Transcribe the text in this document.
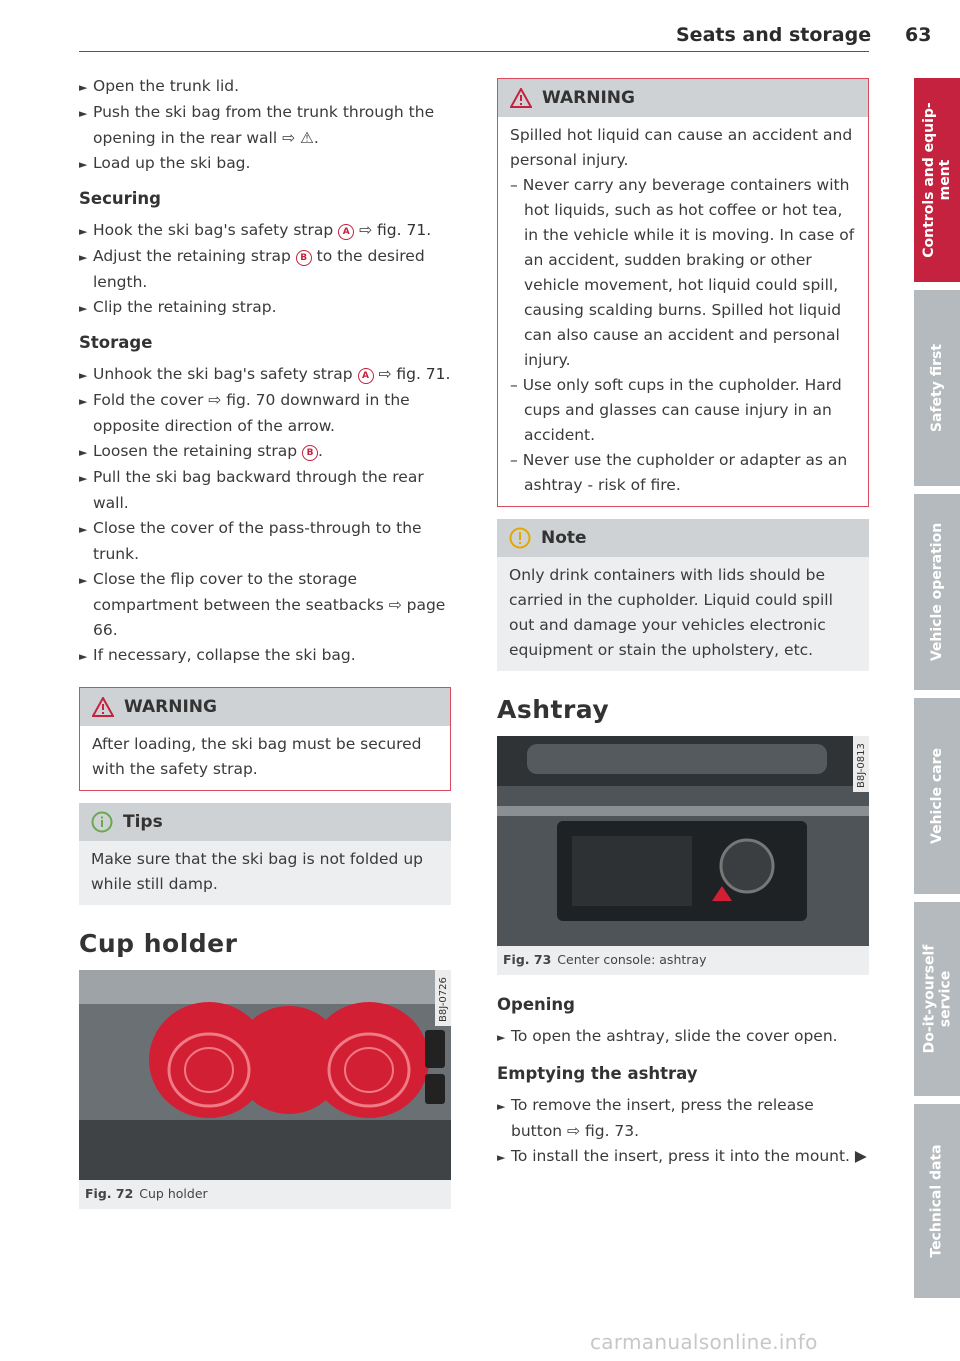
Seats and storage 63

► Open the trunk lid.

► Push the ski bag from the trunk through the opening in the rear wall ⇨ ⚠.

► Load up the ski bag.

Securing

► Hook the ski bag's safety strap A ⇨ fig. 71.

► Adjust the retaining strap B to the desired length.

► Clip the retaining strap.

Storage

► Unhook the ski bag's safety strap A ⇨ fig. 71.

► Fold the cover ⇨ fig. 70 downward in the opposite direction of the arrow.

► Loosen the retaining strap B .

► Pull the ski bag backward through the rear wall.

► Close the cover of the pass-through to the trunk.

► Close the flip cover to the storage compartment between the seatbacks ⇨ page 66.

► If necessary, collapse the ski bag.

WARNING
After loading, the ski bag must be secured with the safety strap.
Tips
Make sure that the ski bag is not folded up while still damp.
Cup holder
B8J-0726
Fig. 72 Cup holder
WARNING
Spilled hot liquid can cause an accident and personal injury.
– Never carry any beverage containers with hot liquids, such as hot coffee or hot tea, in the vehicle while it is moving. In case of an accident, sudden braking or other vehicle movement, hot liquid could spill, causing scalding burns. Spilled hot liquid can also cause an accident and personal injury.
– Use only soft cups in the cupholder. Hard cups and glasses can cause injury in an accident.
– Never use the cupholder or adapter as an ashtray - risk of fire.
Note
Only drink containers with lids should be carried in the cupholder. Liquid could spill out and damage your vehicles electronic equipment or stain the upholstery, etc.
Ashtray
B8J-0813
Fig. 73 Center console: ashtray
Opening

► To open the ashtray, slide the cover open.

Emptying the ashtray

► To remove the insert, press the release button ⇨ fig. 73.

► To install the insert, press it into the mount. ▶

Controls and equip-
ment
Safety first
Vehicle operation
Vehicle care
Do-it-yourself
service
Technical data
carmanualsonline.info
